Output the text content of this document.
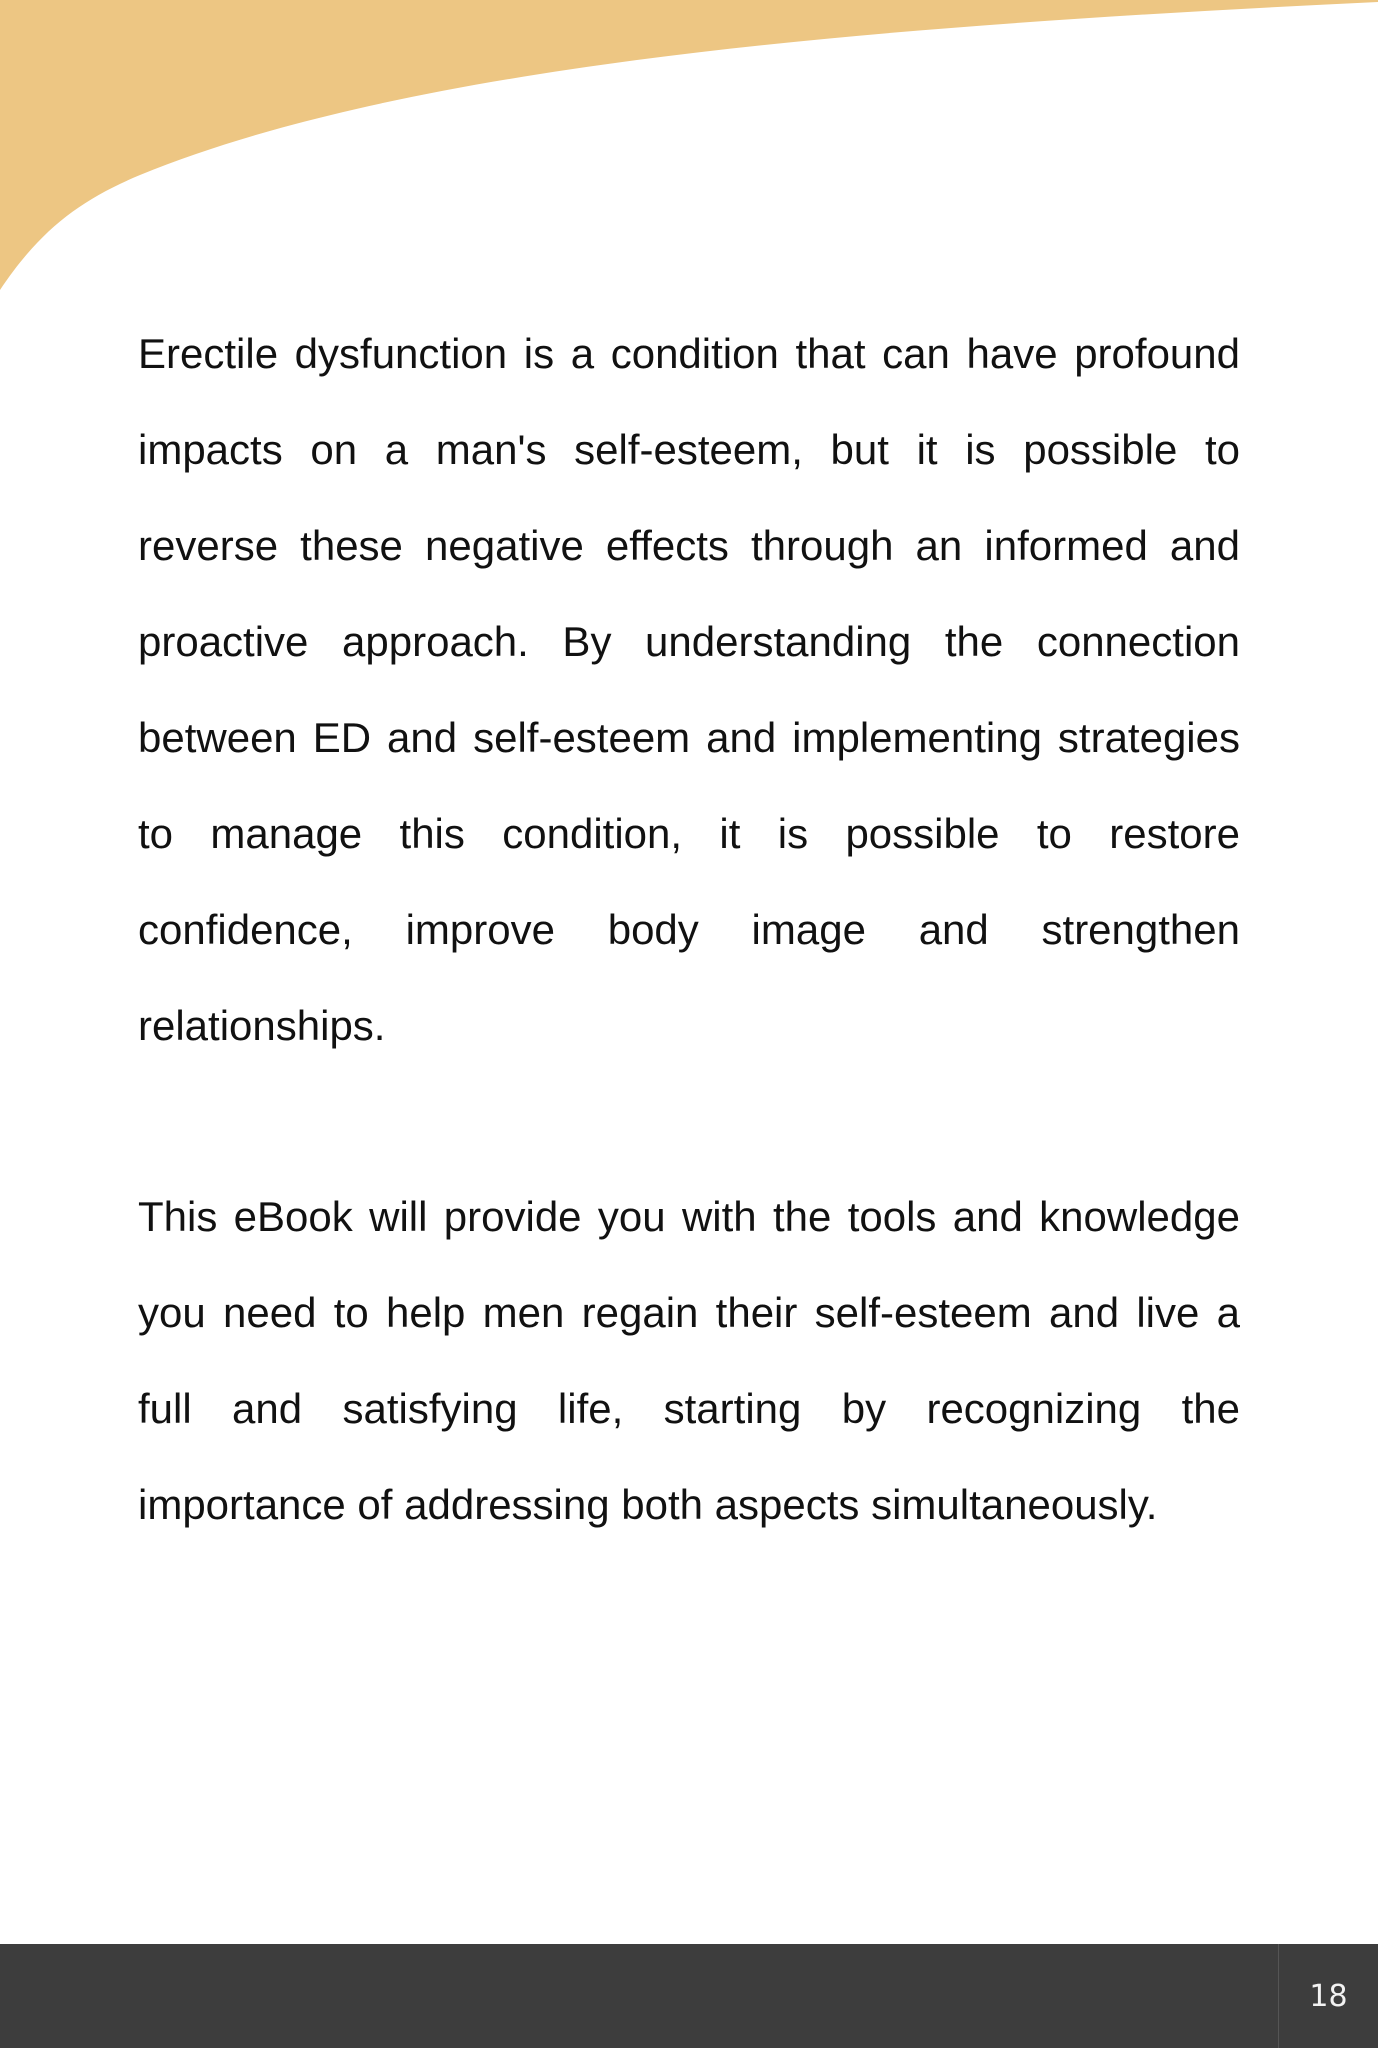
Erectile dysfunction is a condition that can have profound impacts on a man's self-esteem, but it is possible to reverse these negative effects through an informed and proactive approach. By understanding the connection between ED and self-esteem and implementing strategies to manage this condition, it is possible to restore confidence, improve body image and strengthen relationships.

This eBook will provide you with the tools and knowledge you need to help men regain their self-esteem and live a full and satisfying life, starting by recognizing the importance of addressing both aspects simultaneously.

18
